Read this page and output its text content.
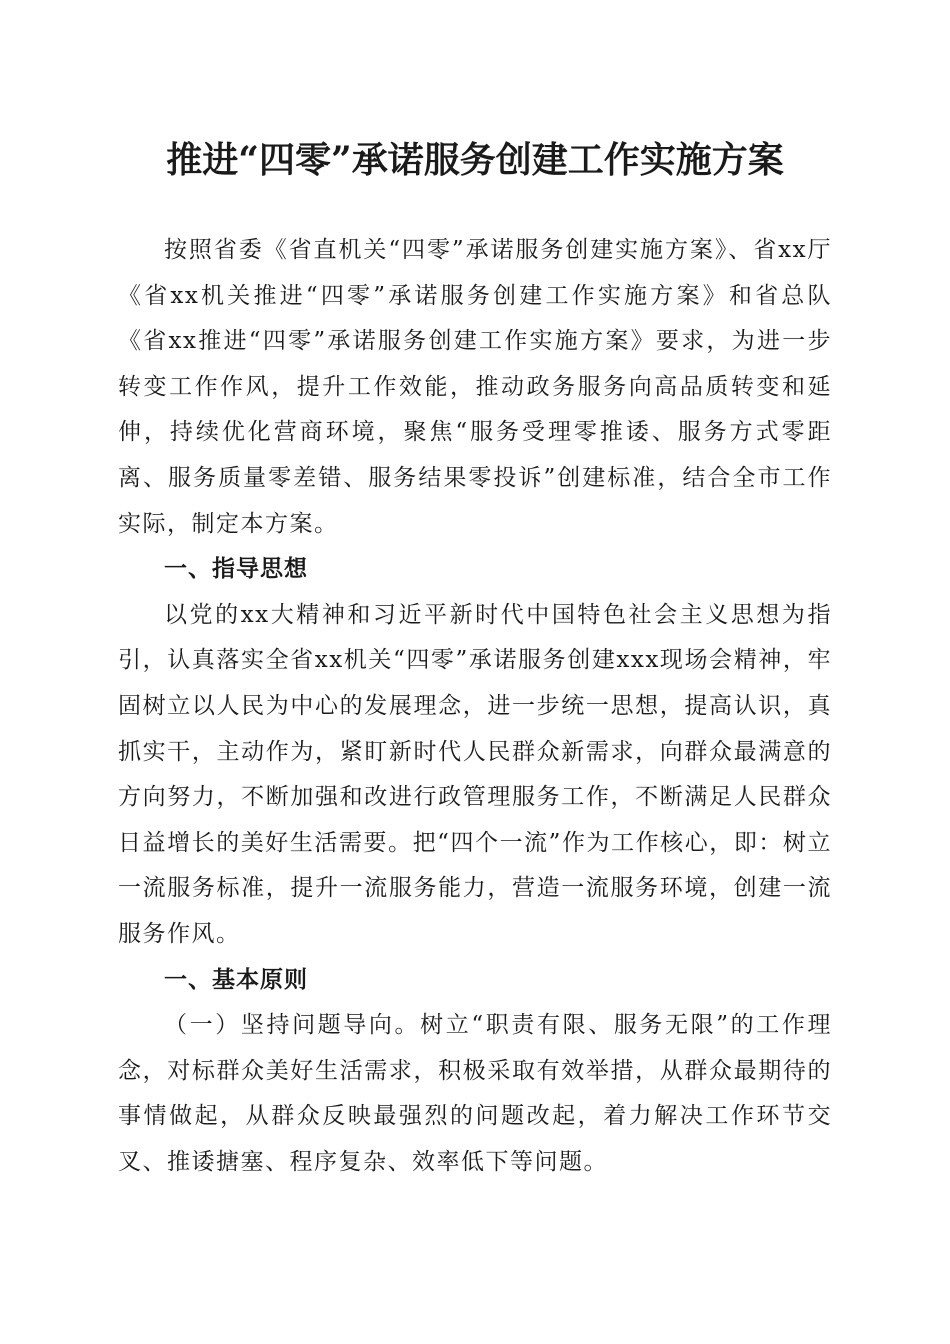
推进“四零”承诺服务创建工作实施方案

按照省委《省直机关“四零”承诺服务创建实施方案》、省xx厅《省xx机关推进“四零”承诺服务创建工作实施方案》和省总队《省xx推进“四零”承诺服务创建工作实施方案》要求，为进一步转变工作作风，提升工作效能，推动政务服务向高品质转变和延伸，持续优化营商环境，聚焦“服务受理零推诿、服务方式零距离、服务质量零差错、服务结果零投诉”创建标准，结合全市工作实际，制定本方案。

一、指导思想

以党的xx大精神和习近平新时代中国特色社会主义思想为指引，认真落实全省xx机关“四零”承诺服务创建xxx现场会精神，牢固树立以人民为中心的发展理念，进一步统一思想，提高认识，真抓实干，主动作为，紧盯新时代人民群众新需求，向群众最满意的方向努力，不断加强和改进行政管理服务工作，不断满足人民群众日益增长的美好生活需要。把“四个一流”作为工作核心，即：树立一流服务标准，提升一流服务能力，营造一流服务环境，创建一流服务作风。

一、基本原则

（一）坚持问题导向。树立“职责有限、服务无限”的工作理念，对标群众美好生活需求，积极采取有效举措，从群众最期待的事情做起，从群众反映最强烈的问题改起，着力解决工作环节交叉、推诿搪塞、程序复杂、效率低下等问题。
